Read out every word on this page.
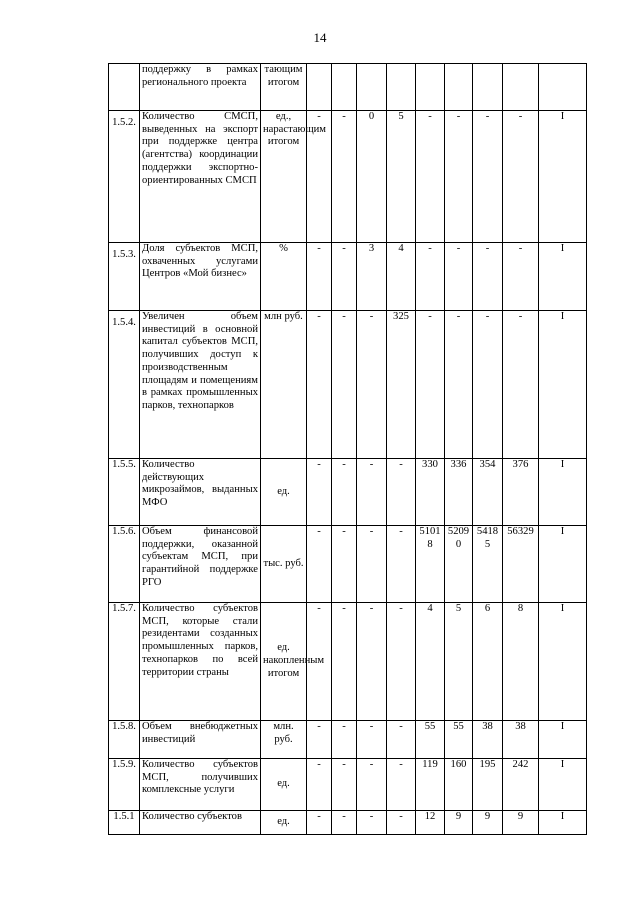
14
	поддержку в рамках регионального проекта	тающим итогом									
1.5.2.	Количество СМСП, выведенных на экспорт при поддержке центра (агентства) координации поддержки экспортно-ориентированных СМСП	ед., нарастающим итогом	-	-	0	5	-	-	-	-	I
1.5.3.	Доля субъектов МСП, охваченных услугами Центров «Мой бизнес»	%	-	-	3	4	-	-	-	-	I
1.5.4.	Увеличен объем инвестиций в основной капитал субъектов МСП, получивших доступ к производственным площадям и помещениям в рамках промышленных парков, технопарков	млн руб.	-	-	-	325	-	-	-	-	I
1.5.5.	Количество действующих микрозаймов, выданных МФО	ед.	-	-	-	-	330	336	354	376	I
1.5.6.	Объем финансовой поддержки, оказанной субъектам МСП, при гарантийной поддержке РГО	тыс. руб.	-	-	-	-	51018	52090	54185	56329	I
1.5.7.	Количество субъектов МСП, которые стали резидентами созданных промышленных парков, технопарков по всей территории страны	ед. накопленным итогом	-	-	-	-	4	5	6	8	I
1.5.8.	Объем внебюджетных инвестиций	млн. руб.	-	-	-	-	55	55	38	38	I
1.5.9.	Количество субъектов МСП, получивших комплексные услуги	ед.	-	-	-	-	119	160	195	242	I
1.5.1	Количество субъектов	ед.	-	-	-	-	12	9	9	9	I
